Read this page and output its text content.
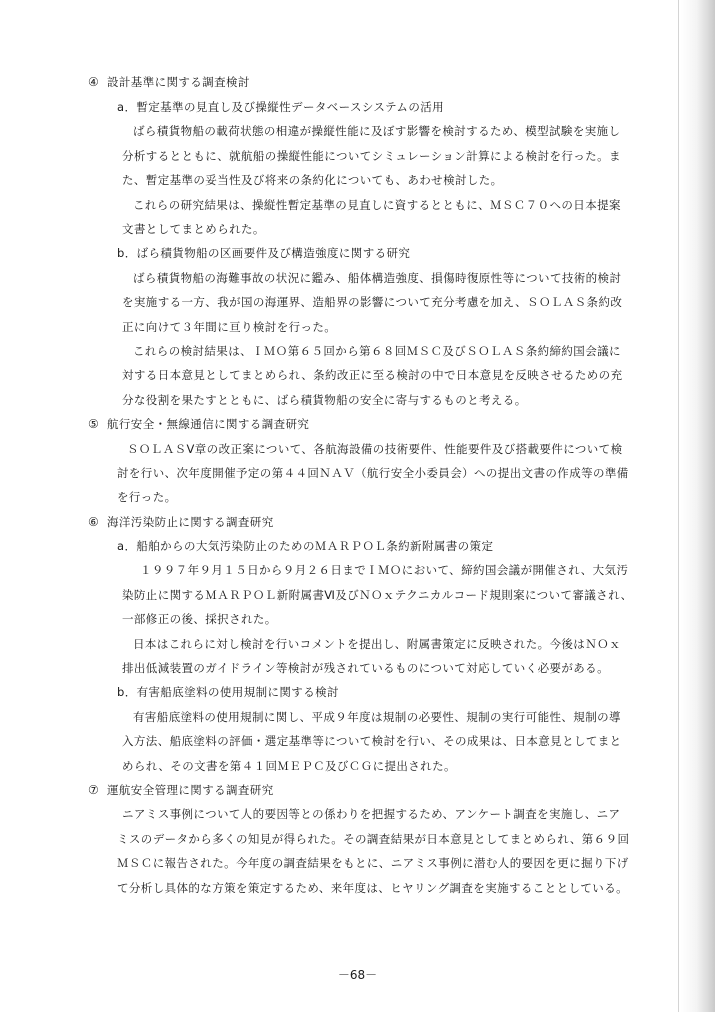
④ 設計基準に関する調査検討
a．暫定基準の見直し及び操縦性データベースシステムの活用
ばら積貨物船の載荷状態の相違が操縦性能に及ぼす影響を検討するため、模型試験を実施し
分析するとともに、就航船の操縦性能についてシミュレーション計算による検討を行った。ま
た、暫定基準の妥当性及び将来の条約化についても、あわせ検討した。
これらの研究結果は、操縦性暫定基準の見直しに資するとともに、ＭＳＣ７０への日本提案
文書としてまとめられた。
b．ばら積貨物船の区画要件及び構造強度に関する研究
ばら積貨物船の海難事故の状況に鑑み、船体構造強度、損傷時復原性等について技術的検討
を実施する一方、我が国の海運界、造船界の影響について充分考慮を加え、ＳＯＬＡＳ条約改
正に向けて３年間に亘り検討を行った。
これらの検討結果は、ＩＭＯ第６５回から第６８回ＭＳＣ及びＳＯＬＡＳ条約締約国会議に
対する日本意見としてまとめられ、条約改正に至る検討の中で日本意見を反映させるための充
分な役割を果たすとともに、ばら積貨物船の安全に寄与するものと考える。
⑤ 航行安全・無線通信に関する調査研究
ＳＯＬＡＳⅤ章の改正案について、各航海設備の技術要件、性能要件及び搭載要件について検
討を行い、次年度開催予定の第４４回ＮＡＶ（航行安全小委員会）への提出文書の作成等の準備
を行った。
⑥ 海洋汚染防止に関する調査研究
a．船舶からの大気汚染防止のためのＭＡＲＰＯＬ条約新附属書の策定
１９９７年９月１５日から９月２６日までＩＭＯにおいて、締約国会議が開催され、大気汚
染防止に関するＭＡＲＰＯＬ新附属書Ⅵ及びＮＯｘテクニカルコード規則案について審議され、
一部修正の後、採択された。
日本はこれらに対し検討を行いコメントを提出し、附属書策定に反映された。今後はＮＯｘ
排出低減装置のガイドライン等検討が残されているものについて対応していく必要がある。
b．有害船底塗料の使用規制に関する検討
有害船底塗料の使用規制に関し、平成９年度は規制の必要性、規制の実行可能性、規制の導
入方法、船底塗料の評価・選定基準等について検討を行い、その成果は、日本意見としてまと
められ、その文書を第４１回ＭＥＰＣ及びＣＧに提出された。
⑦ 運航安全管理に関する調査研究
ニアミス事例について人的要因等との係わりを把握するため、アンケート調査を実施し、ニア
ミスのデータから多くの知見が得られた。その調査結果が日本意見としてまとめられ、第６９回
ＭＳＣに報告された。今年度の調査結果をもとに、ニアミス事例に潜む人的要因を更に掘り下げ
て分析し具体的な方策を策定するため、来年度は、ヒヤリング調査を実施することとしている。
－68－
